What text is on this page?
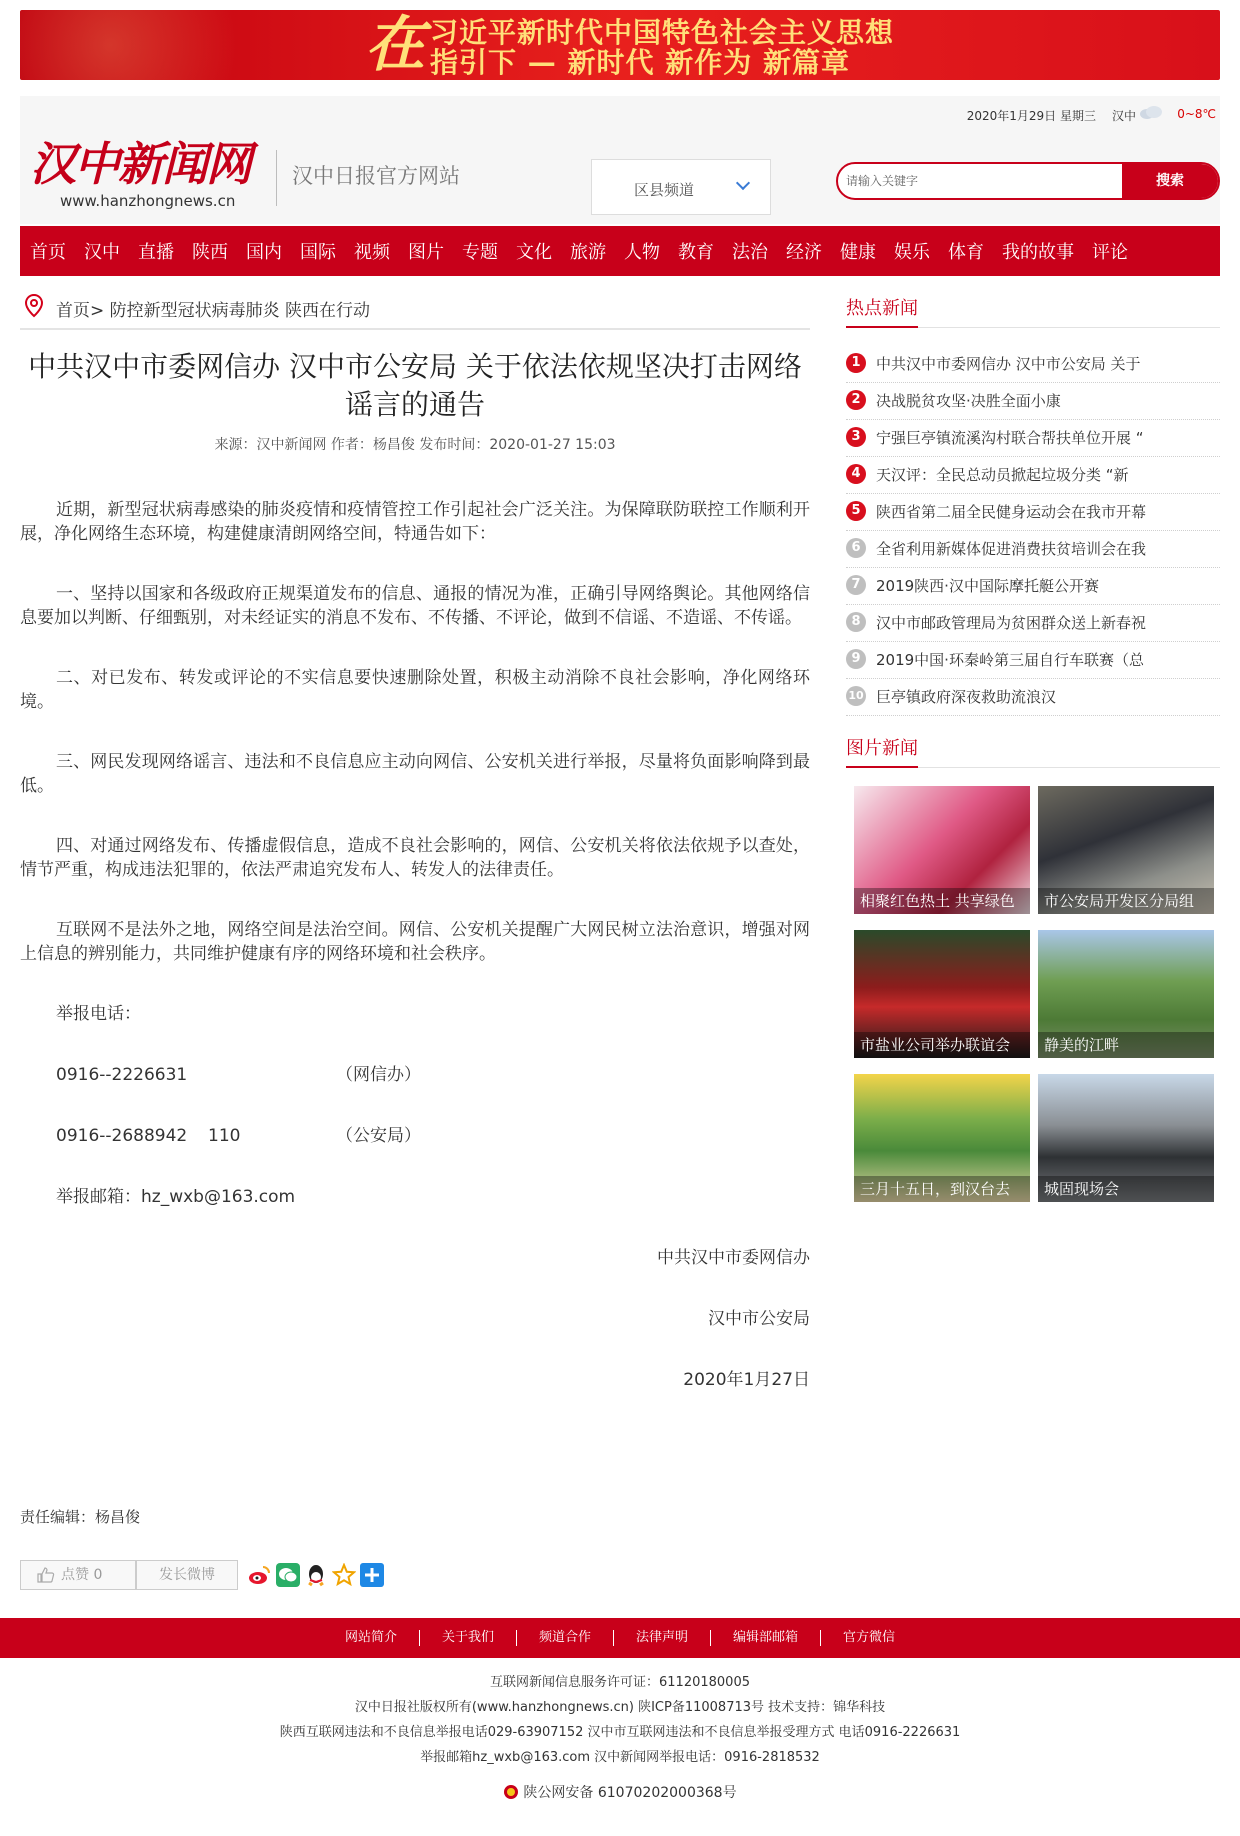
在 习近平新时代中国特色社会主义思想
指引下 — 新时代 新作为 新篇章
2020年1月29日 星期三 汉中	0~8℃
汉中新闻网
www.hanzhongnews.cn
汉中日报官方网站
区县频道
请输入关键字	搜索
首页 汉中 直播 陕西 国内 国际 视频 图片 专题 文化 旅游 人物 教育 法治 经济 健康 娱乐 体育 我的故事 评论
首页> 防控新型冠状病毒肺炎 陕西在行动
中共汉中市委网信办 汉中市公安局 关于依法依规坚决打击网络谣言的通告
来源：汉中新闻网 作者：杨昌俊 发布时间：2020-01-27 15:03

近期，新型冠状病毒感染的肺炎疫情和疫情管控工作引起社会广泛关注。为保障联防联控工作顺利开展，净化网络生态环境，构建健康清朗网络空间，特通告如下：

一、坚持以国家和各级政府正规渠道发布的信息、通报的情况为准，正确引导网络舆论。其他网络信息要加以判断、仔细甄别，对未经证实的消息不发布、不传播、不评论，做到不信谣、不造谣、不传谣。

二、对已发布、转发或评论的不实信息要快速删除处置，积极主动消除不良社会影响，净化网络环境。

三、网民发现网络谣言、违法和不良信息应主动向网信、公安机关进行举报，尽量将负面影响降到最低。

四、对通过网络发布、传播虚假信息，造成不良社会影响的，网信、公安机关将依法依规予以查处，情节严重，构成违法犯罪的，依法严肃追究发布人、转发人的法律责任。

互联网不是法外之地，网络空间是法治空间。网信、公安机关提醒广大网民树立法治意识，增强对网上信息的辨别能力，共同维护健康有序的网络环境和社会秩序。

举报电话：
0916--2226631	（网信办）
0916--2688942 110	（公安局）
举报邮箱：hz_wxb@163.com

中共汉中市委网信办

汉中市公安局

2020年1月27日

责任编辑：杨昌俊
点赞 0	发长微博
热点新闻
1	中共汉中市委网信办 汉中市公安局 关于
2	决战脱贫攻坚·决胜全面小康
3	宁强巨亭镇流溪沟村联合帮扶单位开展 “
4	天汉评：全民总动员掀起垃圾分类 “新
5	陕西省第二届全民健身运动会在我市开幕
6	全省利用新媒体促进消费扶贫培训会在我
7	2019陕西·汉中国际摩托艇公开赛
8	汉中市邮政管理局为贫困群众送上新春祝
9	2019中国·环秦岭第三届自行车联赛（总
10 巨亭镇政府深夜救助流浪汉
图片新闻
相聚红色热土 共享绿色	市公安局开发区分局组
市盐业公司举办联谊会	静美的江畔
三月十五日，到汉台去	城固现场会
网站简介	关于我们	频道合作	法律声明	编辑部邮箱	官方微信
互联网新闻信息服务许可证：61120180005
汉中日报社版权所有(www.hanzhongnews.cn) 陕ICP备11008713号 技术支持：锦华科技
陕西互联网违法和不良信息举报电话029-63907152 汉中市互联网违法和不良信息举报受理方式 电话0916-2226631
举报邮箱hz_wxb@163.com 汉中新闻网举报电话：0916-2818532
陕公网安备 61070202000368号
